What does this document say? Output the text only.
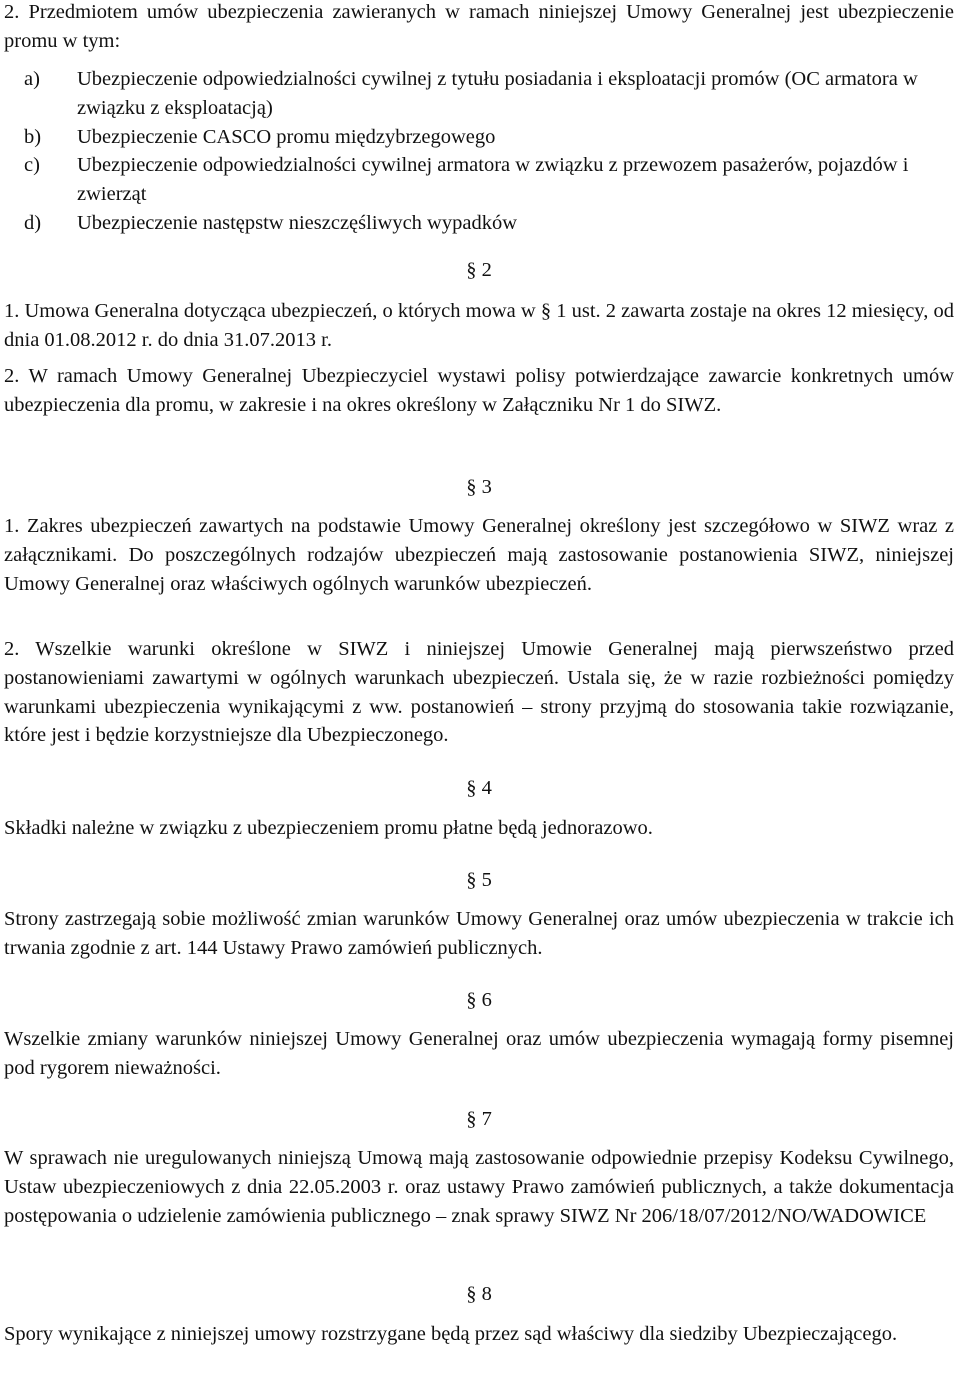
2. Przedmiotem umów ubezpieczenia zawieranych w ramach niniejszej Umowy Generalnej jest ubezpieczenie promu w tym:

a)	Ubezpieczenie odpowiedzialności cywilnej z tytułu posiadania i eksploatacji promów (OC armatora w związku z eksploatacją)
b)	Ubezpieczenie CASCO promu międzybrzegowego
c)	Ubezpieczenie odpowiedzialności cywilnej armatora w związku z przewozem pasażerów, pojazdów i zwierząt
d)	Ubezpieczenie następstw nieszczęśliwych wypadków
§ 2

1. Umowa Generalna dotycząca ubezpieczeń, o których mowa w § 1 ust. 2 zawarta zostaje na okres 12 miesięcy, od dnia 01.08.2012 r. do dnia 31.07.2013 r.

2. W ramach Umowy Generalnej Ubezpieczyciel wystawi polisy potwierdzające zawarcie konkretnych umów ubezpieczenia dla promu, w zakresie i na okres określony w Załączniku Nr 1 do SIWZ.

§ 3

1. Zakres ubezpieczeń zawartych na podstawie Umowy Generalnej określony jest szczegółowo w SIWZ wraz z załącznikami. Do poszczególnych rodzajów ubezpieczeń mają zastosowanie postanowienia SIWZ, niniejszej Umowy Generalnej oraz właściwych ogólnych warunków ubezpieczeń.

2. Wszelkie warunki określone w SIWZ i niniejszej Umowie Generalnej mają pierwszeństwo przed postanowieniami zawartymi w ogólnych warunkach ubezpieczeń. Ustala się, że w razie rozbieżności pomiędzy warunkami ubezpieczenia wynikającymi z ww. postanowień – strony przyjmą do stosowania takie rozwiązanie, które jest i będzie korzystniejsze dla Ubezpieczonego.

§ 4

Składki należne w związku z ubezpieczeniem promu płatne będą jednorazowo.

§ 5

Strony zastrzegają sobie możliwość zmian warunków Umowy Generalnej oraz umów ubezpieczenia w trakcie ich trwania zgodnie z art. 144 Ustawy Prawo zamówień publicznych.

§ 6

Wszelkie zmiany warunków niniejszej Umowy Generalnej oraz umów ubezpieczenia wymagają formy pisemnej pod rygorem nieważności.

§ 7

W sprawach nie uregulowanych niniejszą Umową mają zastosowanie odpowiednie przepisy Kodeksu Cywilnego, Ustaw ubezpieczeniowych z dnia 22.05.2003 r. oraz ustawy Prawo zamówień publicznych, a także dokumentacja postępowania o udzielenie zamówienia publicznego – znak sprawy SIWZ Nr 206/18/07/2012/NO/WADOWICE

§ 8

Spory wynikające z niniejszej umowy rozstrzygane będą przez sąd właściwy dla siedziby Ubezpieczającego.
